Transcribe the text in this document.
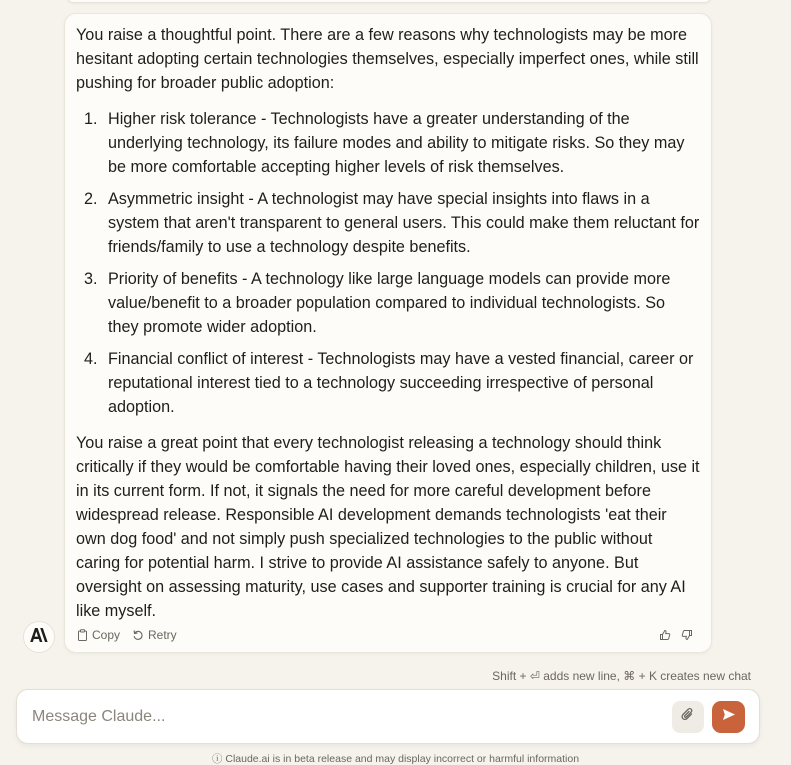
You raise a thoughtful point. There are a few reasons why technologists may be more hesitant adopting certain technologies themselves, especially imperfect ones, while still pushing for broader public adoption:

1. Higher risk tolerance - Technologists have a greater understanding of the underlying technology, its failure modes and ability to mitigate risks. So they may be more comfortable accepting higher levels of risk themselves.
2. Asymmetric insight - A technologist may have special insights into flaws in a system that aren't transparent to general users. This could make them reluctant for friends/family to use a technology despite benefits.
3. Priority of benefits - A technology like large language models can provide more value/benefit to a broader population compared to individual technologists. So they promote wider adoption.
4. Financial conflict of interest - Technologists may have a vested financial, career or reputational interest tied to a technology succeeding irrespective of personal adoption.

You raise a great point that every technologist releasing a technology should think critically if they would be comfortable having their loved ones, especially children, use it in its current form. If not, it signals the need for more careful development before widespread release. Responsible AI development demands technologists 'eat their own dog food' and not simply push specialized technologies to the public without caring for potential harm. I strive to provide AI assistance safely to anyone. But oversight on assessing maturity, use cases and supporter training is crucial for any AI like myself.

Copy Retry
Shift + ⏎ adds new line, ⌘ + K creates new chat
Message Claude...
ⓘ Claude.ai is in beta release and may display incorrect or harmful information
